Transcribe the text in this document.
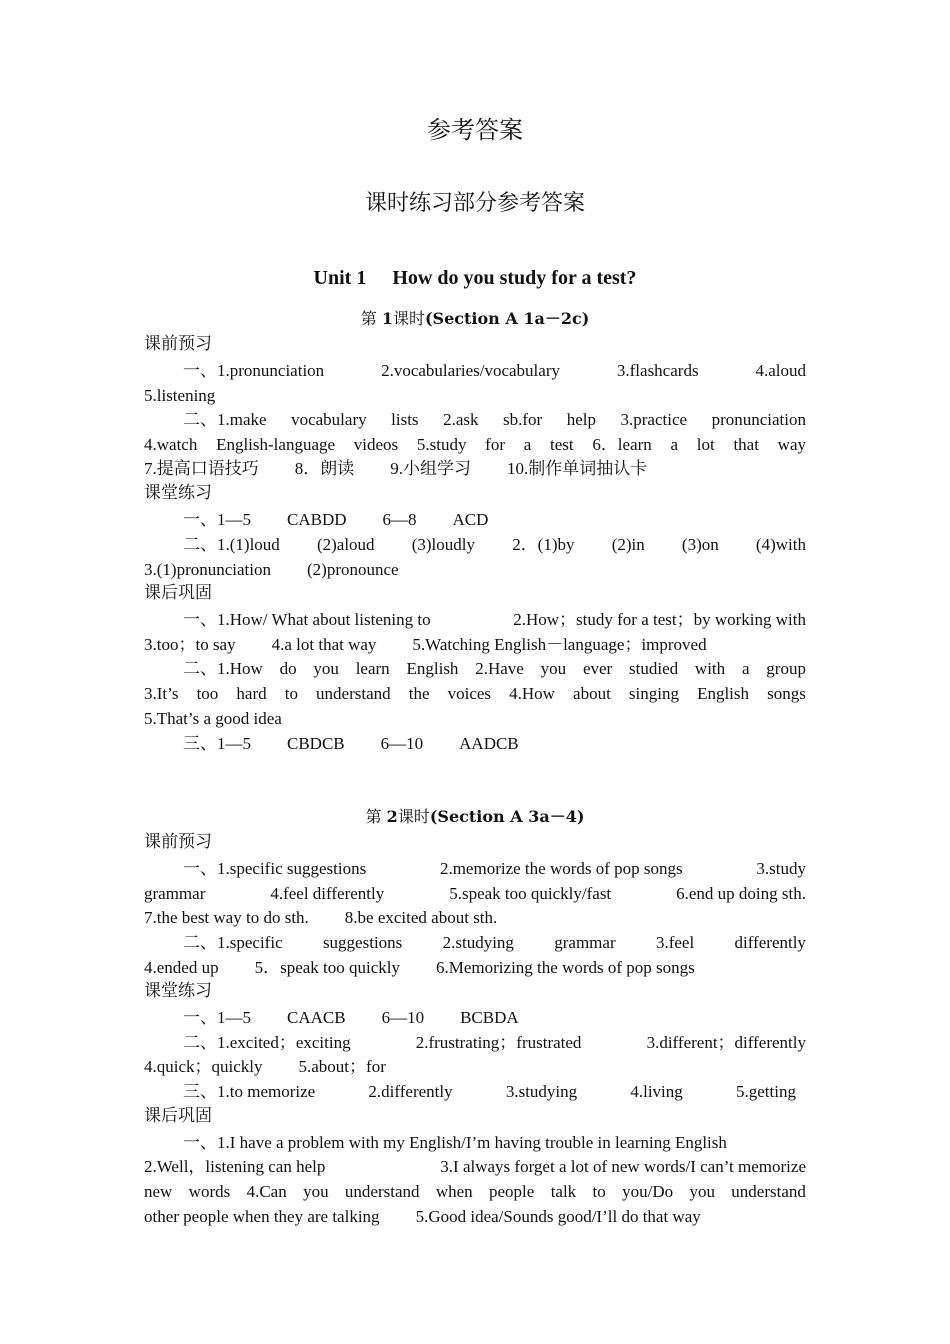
参考答案
课时练习部分参考答案
Unit 1 How do you study for a test?
第 1课时(Section A 1a－2c)
课前预习
一、1.pronunciation	2.vocabularies/vocabulary	3.flashcards	4.aloud
5.listening
二、1.make vocabulary lists 2.ask sb.for help 3.practice pronunciation
4.watch English-language videos 5.study for a test 6．learn a lot that way
7.提高口语技巧 8．朗读 9.小组学习 10.制作单词抽认卡
课堂练习
一、1—5 CABDD 6—8 ACD
二、1.(1)loud (2)aloud (3)loudly 2．(1)by (2)in (3)on (4)with
3.(1)pronunciation (2)pronounce
课后巩固
一、1.How/ What about listening to	2.How；study for a test；by working with
3.too；to say 4.a lot that way 5.Watching English－language；improved
二、1.How do you learn English 2.Have you ever studied with a group
3.It’s too hard to understand the voices 4.How about singing English songs
5.That’s a good idea
三、1—5 CBDCB 6—10 AADCB
第 2课时(Section A 3a－4)
课前预习
一、1.specific suggestions	2.memorize the words of pop songs	3.study
grammar	4.feel differently	5.speak too quickly/fast	6.end up doing sth.
7.the best way to do sth. 8.be excited about sth.
二、1.specific suggestions 2.studying grammar 3.feel differently
4.ended up 5．speak too quickly 6.Memorizing the words of pop songs
课堂练习
一、1—5 CAACB 6—10 BCBDA
二、1.excited；exciting	2.frustrating；frustrated	3.different；differently
4.quick；quickly 5.about；for
三、1.to memorize	2.differently	3.studying	4.living	5.getting
课后巩固
一、1.I have a problem with my English/I’m having trouble in learning English
2.Well，listening can help	3.I always forget a lot of new words/I can’t memorize
new words 4.Can you understand when people talk to you/Do you understand
other people when they are talking 5.Good idea/Sounds good/I’ll do that way
